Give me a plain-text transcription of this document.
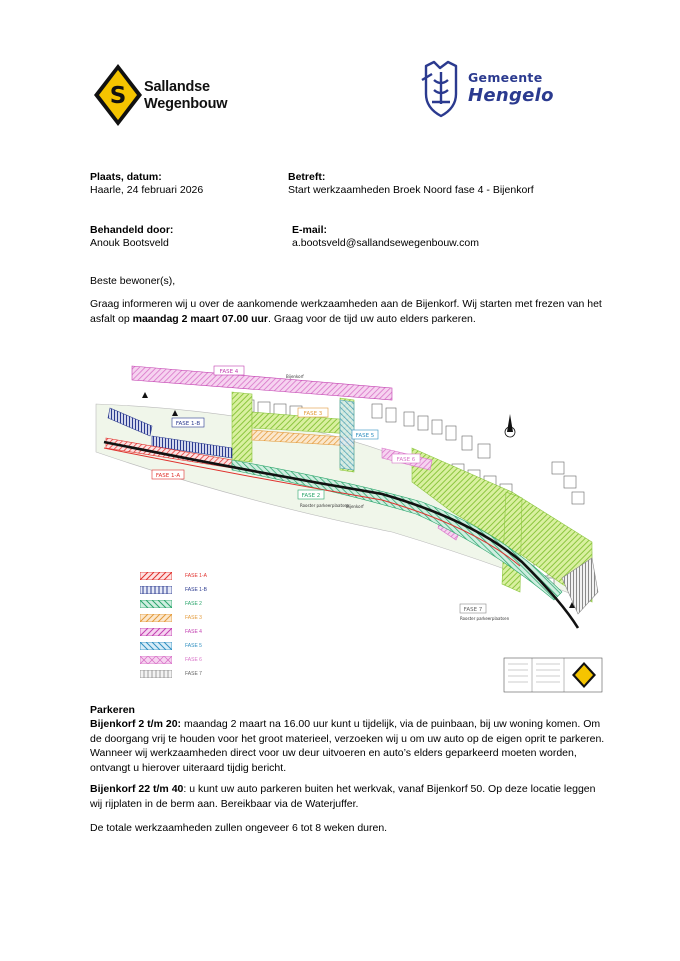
S Sallandse
Wegenbouw
Gemeente
Hengelo
Plaats, datum:
Haarle, 24 februari 2026
Betreft:
Start werkzaamheden Broek Noord fase 4 - Bijenkorf
Behandeld door:
Anouk Bootsveld
E-mail:
a.bootsveld@sallandsewegenbouw.com
Beste bewoner(s),
Graag informeren wij u over de aankomende werkzaamheden aan de Bijenkorf. Wij starten met frezen van het asfalt op maandag 2 maart 07.00 uur. Graag voor de tijd uw auto elders parkeren.
FASE 4
FASE 1-B
FASE 3
FASE 5
FASE 6
FASE 1-A
FASE 2
FASE 7
Rooster parkeerplaatsen
Rooster parkeerplaatsen
Bijenkorf
Bijenkorf
FASE 1-A
FASE 1-B
FASE 2
FASE 3
FASE 4
FASE 5
FASE 6
FASE 7
Parkeren
Bijenkorf 2 t/m 20: maandag 2 maart na 16.00 uur kunt u tijdelijk, via de puinbaan, bij uw woning komen. Om de doorgang vrij te houden voor het groot materieel, verzoeken wij u om uw auto op de eigen oprit te parkeren. Wanneer wij werkzaamheden direct voor uw deur uitvoeren en auto’s elders geparkeerd moeten worden, ontvangt u hierover uiteraard tijdig bericht.
Bijenkorf 22 t/m 40: u kunt uw auto parkeren buiten het werkvak, vanaf Bijenkorf 50. Op deze locatie leggen wij rijplaten in de berm aan. Bereikbaar via de Waterjuffer.
De totale werkzaamheden zullen ongeveer 6 tot 8 weken duren.
